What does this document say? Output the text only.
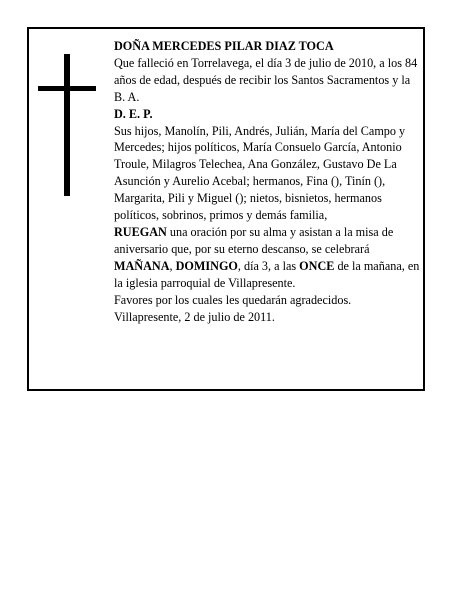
DOÑA MERCEDES PILAR DIAZ TOCA

Que falleció en Torrelavega, el día 3 de julio de 2010, a los 84 años de edad, después de recibir los Santos Sacramentos y la B. A.

D. E. P.

Sus hijos, Manolín, Pili, Andrés, Julián, María del Campo y Mercedes; hijos políticos, María Consuelo García, Antonio Troule, Milagros Telechea, Ana González, Gustavo De La Asunción y Aurelio Acebal; hermanos, Fina (), Tinín (), Margarita, Pili y Miguel (); nietos, bisnietos, hermanos políticos, sobrinos, primos y demás familia,

RUEGAN una oración por su alma y asistan a la misa de aniversario que, por su eterno descanso, se celebrará MAÑANA, DOMINGO, día 3, a las ONCE de la mañana, en la iglesia parroquial de Villapresente.

Favores por los cuales les quedarán agradecidos.

Villapresente, 2 de julio de 2011.
